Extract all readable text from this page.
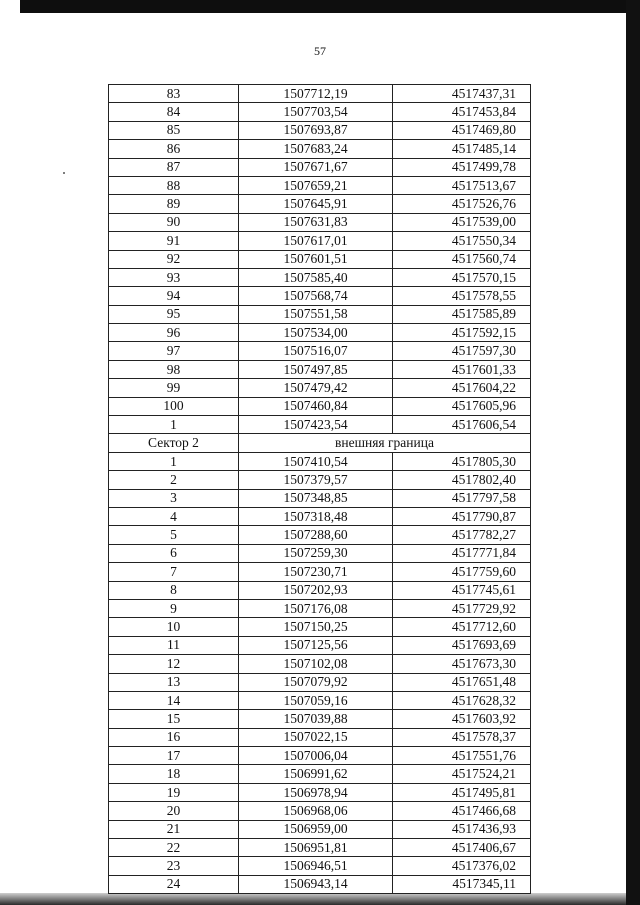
57
83	1507712,19	4517437,31
84	1507703,54	4517453,84
85	1507693,87	4517469,80
86	1507683,24	4517485,14
87	1507671,67	4517499,78
88	1507659,21	4517513,67
89	1507645,91	4517526,76
90	1507631,83	4517539,00
91	1507617,01	4517550,34
92	1507601,51	4517560,74
93	1507585,40	4517570,15
94	1507568,74	4517578,55
95	1507551,58	4517585,89
96	1507534,00	4517592,15
97	1507516,07	4517597,30
98	1507497,85	4517601,33
99	1507479,42	4517604,22
100	1507460,84	4517605,96
1	1507423,54	4517606,54
Сектор 2	внешняя граница	
1	1507410,54	4517805,30
2	1507379,57	4517802,40
3	1507348,85	4517797,58
4	1507318,48	4517790,87
5	1507288,60	4517782,27
6	1507259,30	4517771,84
7	1507230,71	4517759,60
8	1507202,93	4517745,61
9	1507176,08	4517729,92
10	1507150,25	4517712,60
11	1507125,56	4517693,69
12	1507102,08	4517673,30
13	1507079,92	4517651,48
14	1507059,16	4517628,32
15	1507039,88	4517603,92
16	1507022,15	4517578,37
17	1507006,04	4517551,76
18	1506991,62	4517524,21
19	1506978,94	4517495,81
20	1506968,06	4517466,68
21	1506959,00	4517436,93
22	1506951,81	4517406,67
23	1506946,51	4517376,02
24	1506943,14	4517345,11
